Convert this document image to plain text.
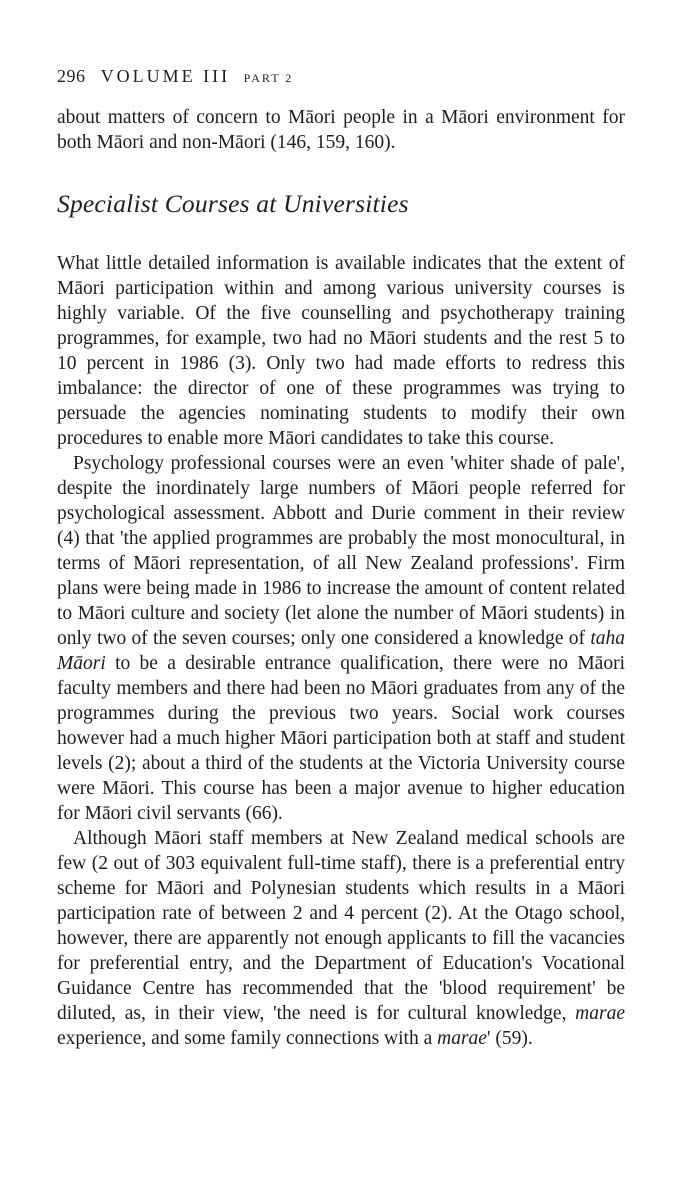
296 VOLUME III PART 2

about matters of concern to Māori people in a Māori environment for both Māori and non-Māori (146, 159, 160).

Specialist Courses at Universities

What little detailed information is available indicates that the extent of Māori participation within and among various university courses is highly variable. Of the five counselling and psychotherapy training programmes, for example, two had no Māori students and the rest 5 to 10 percent in 1986 (3). Only two had made efforts to redress this imbalance: the director of one of these programmes was trying to persuade the agencies nominating students to modify their own procedures to enable more Māori candidates to take this course.

Psychology professional courses were an even 'whiter shade of pale', despite the inordinately large numbers of Māori people referred for psychological assessment. Abbott and Durie comment in their review (4) that 'the applied programmes are probably the most monocultural, in terms of Māori representation, of all New Zealand professions'. Firm plans were being made in 1986 to increase the amount of content related to Māori culture and society (let alone the number of Māori students) in only two of the seven courses; only one considered a knowledge of taha Māori to be a desirable entrance qualification, there were no Māori faculty members and there had been no Māori graduates from any of the programmes during the previous two years. Social work courses however had a much higher Māori participation both at staff and student levels (2); about a third of the students at the Victoria University course were Māori. This course has been a major avenue to higher education for Māori civil servants (66).

Although Māori staff members at New Zealand medical schools are few (2 out of 303 equivalent full-time staff), there is a preferential entry scheme for Māori and Polynesian students which results in a Māori participation rate of between 2 and 4 percent (2). At the Otago school, however, there are apparently not enough applicants to fill the vacancies for preferential entry, and the Department of Education's Vocational Guidance Centre has recommended that the 'blood requirement' be diluted, as, in their view, 'the need is for cultural knowledge, marae experience, and some family connections with a marae' (59).
